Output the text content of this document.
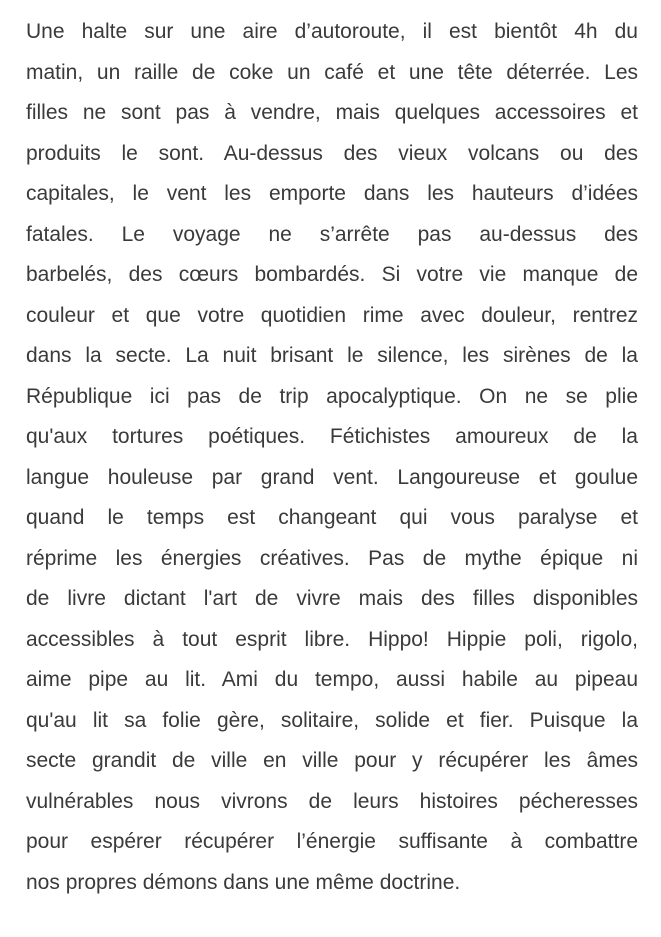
Une halte sur une aire d’autoroute, il est bientôt 4h du
matin, un raille de coke un café et une tête déterrée. Les
filles ne sont pas à vendre, mais quelques accessoires et
produits le sont. Au-dessus des vieux volcans ou des
capitales, le vent les emporte dans les hauteurs d’idées
fatales. Le voyage ne s’arrête pas au-dessus des
barbelés, des cœurs bombardés. Si votre vie manque de
couleur et que votre quotidien rime avec douleur, rentrez
dans la secte. La nuit brisant le silence, les sirènes de la
République ici pas de trip apocalyptique. On ne se plie
qu'aux tortures poétiques. Fétichistes amoureux de la
langue houleuse par grand vent. Langoureuse et goulue
quand le temps est changeant qui vous paralyse et
réprime les énergies créatives. Pas de mythe épique ni
de livre dictant l'art de vivre mais des filles disponibles
accessibles à tout esprit libre. Hippo! Hippie poli, rigolo,
aime pipe au lit. Ami du tempo, aussi habile au pipeau
qu'au lit sa folie gère, solitaire, solide et fier. Puisque la
secte grandit de ville en ville pour y récupérer les âmes
vulnérables nous vivrons de leurs histoires pécheresses
pour espérer récupérer l’énergie suffisante à combattre
nos propres démons dans une même doctrine.
